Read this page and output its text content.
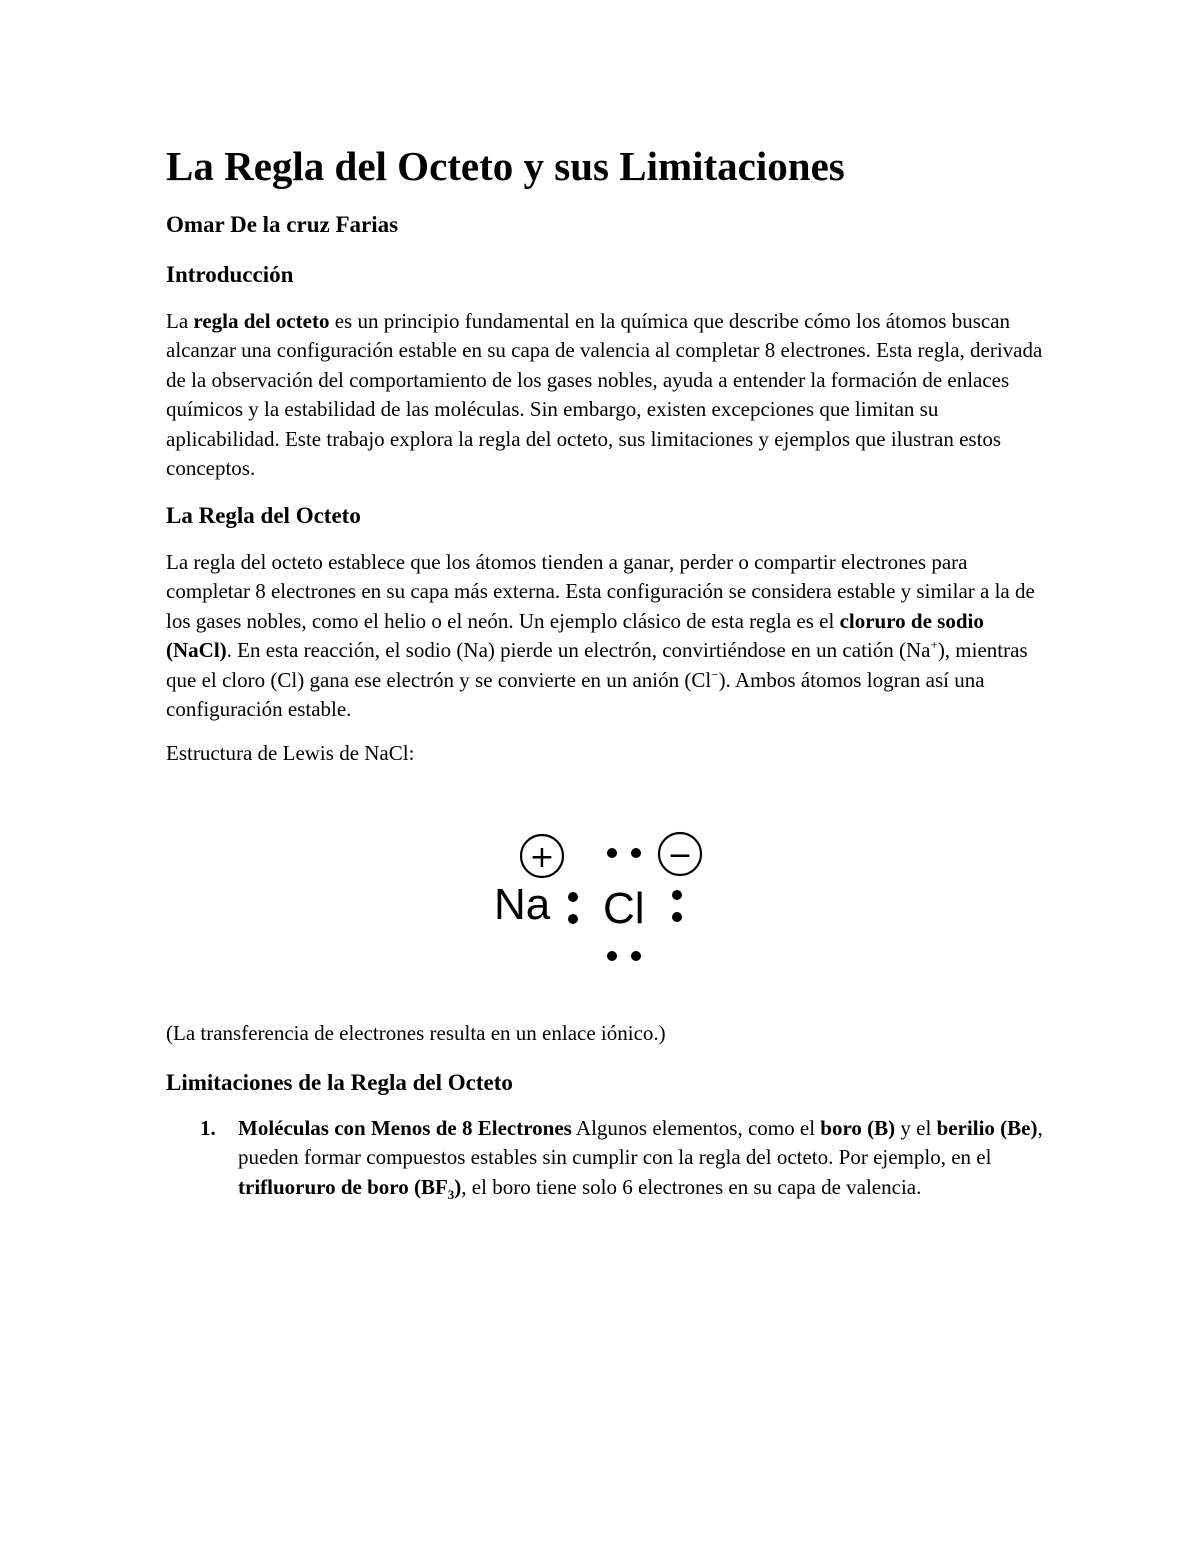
La Regla del Octeto y sus Limitaciones
Omar De la cruz Farias
Introducción

La regla del octeto es un principio fundamental en la química que describe cómo los átomos buscan alcanzar una configuración estable en su capa de valencia al completar 8 electrones. Esta regla, derivada de la observación del comportamiento de los gases nobles, ayuda a entender la formación de enlaces químicos y la estabilidad de las moléculas. Sin embargo, existen excepciones que limitan su aplicabilidad. Este trabajo explora la regla del octeto, sus limitaciones y ejemplos que ilustran estos conceptos.

La Regla del Octeto

La regla del octeto establece que los átomos tienden a ganar, perder o compartir electrones para completar 8 electrones en su capa más externa. Esta configuración se considera estable y similar a la de los gases nobles, como el helio o el neón. Un ejemplo clásico de esta regla es el cloruro de sodio (NaCl). En esta reacción, el sodio (Na) pierde un electrón, convirtiéndose en un catión (Na+), mientras que el cloro (Cl) gana ese electrón y se convierte en un anión (Cl−). Ambos átomos logran así una configuración estable.

Estructura de Lewis de NaCl:

+	−
Na Cl

(La transferencia de electrones resulta en un enlace iónico.)

Limitaciones de la Regla del Octeto
1. Moléculas con Menos de 8 Electrones Algunos elementos, como el boro (B) y el berilio (Be), pueden formar compuestos estables sin cumplir con la regla del octeto. Por ejemplo, en el trifluoruro de boro $(BF_3)$, el boro tiene solo 6 electrones en su capa de valencia.
